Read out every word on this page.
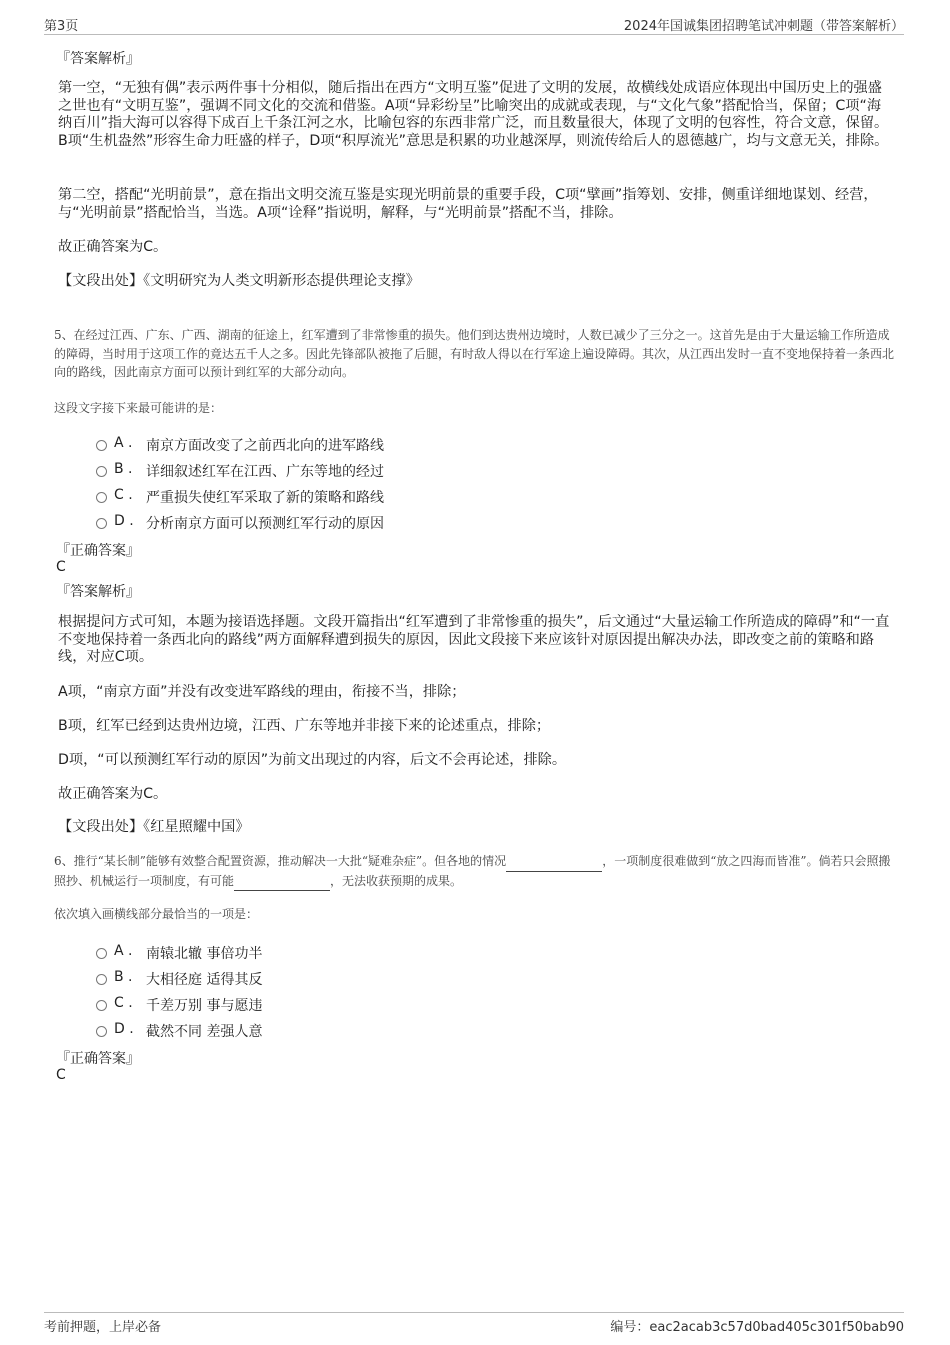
第3页	2024年国诚集团招聘笔试冲刺题（带答案解析）
『答案解析』
第一空，“无独有偶”表示两件事十分相似，随后指出在西方“文明互鉴”促进了文明的发展，故横线处成语应体现出中国历史上的强盛之世也有“文明互鉴”，强调不同文化的交流和借鉴。A项“异彩纷呈”比喻突出的成就或表现，与“文化气象”搭配恰当，保留；C项“海纳百川”指大海可以容得下成百上千条江河之水，比喻包容的东西非常广泛，而且数量很大，体现了文明的包容性，符合文意，保留。B项“生机盎然”形容生命力旺盛的样子，D项“积厚流光”意思是积累的功业越深厚，则流传给后人的恩德越广，均与文意无关，排除。
第二空，搭配“光明前景”，意在指出文明交流互鉴是实现光明前景的重要手段，C项“擘画”指筹划、安排，侧重详细地谋划、经营，与“光明前景”搭配恰当，当选。A项“诠释”指说明，解释，与“光明前景”搭配不当，排除。
故正确答案为C。
【文段出处】《文明研究为人类文明新形态提供理论支撑》
5、在经过江西、广东、广西、湖南的征途上，红军遭到了非常惨重的损失。他们到达贵州边境时，人数已减少了三分之一。这首先是由于大量运输工作所造成的障碍，当时用于这项工作的竟达五千人之多。因此先锋部队被拖了后腿，有时敌人得以在行军途上遍设障碍。其次，从江西出发时一直不变地保持着一条西北向的路线，因此南京方面可以预计到红军的大部分动向。
这段文字接下来最可能讲的是：
A . 南京方面改变了之前西北向的进军路线
B . 详细叙述红军在江西、广东等地的经过
C . 严重损失使红军采取了新的策略和路线
D . 分析南京方面可以预测红军行动的原因
『正确答案』
C
『答案解析』
根据提问方式可知，本题为接语选择题。文段开篇指出“红军遭到了非常惨重的损失”，后文通过“大量运输工作所造成的障碍”和“一直不变地保持着一条西北向的路线”两方面解释遭到损失的原因，因此文段接下来应该针对原因提出解决办法，即改变之前的策略和路线，对应C项。
A项，“南京方面”并没有改变进军路线的理由，衔接不当，排除；
B项，红军已经到达贵州边境，江西、广东等地并非接下来的论述重点，排除；
D项，“可以预测红军行动的原因”为前文出现过的内容，后文不会再论述，排除。
故正确答案为C。
【文段出处】《红星照耀中国》
6、推行“某长制”能够有效整合配置资源，推动解决一大批“疑难杂症”。但各地的情况	，一项制度很难做到“放之四海而皆准”。倘若只会照搬照抄、机械运行一项制度，有可能	，无法收获预期的成果。
依次填入画横线部分最恰当的一项是：
A . 南辕北辙 事倍功半
B . 大相径庭 适得其反
C . 千差万别 事与愿违
D . 截然不同 差强人意
『正确答案』
C
考前押题，上岸必备	编号：eac2acab3c57d0bad405c301f50bab90
